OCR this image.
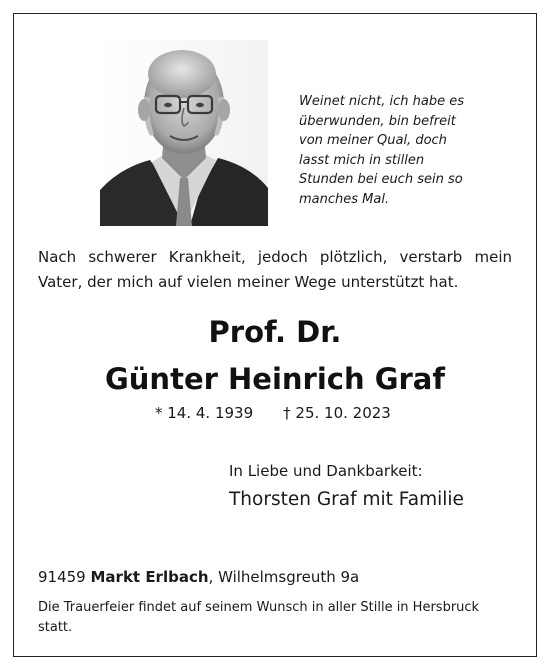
Weinet nicht, ich habe es
überwunden, bin befreit
von meiner Qual, doch
lasst mich in stillen
Stunden bei euch sein so
manches Mal.
Nach schwerer Krankheit, jedoch plötzlich, verstarb mein
Vater, der mich auf vielen meiner Wege unterstützt hat.
Prof. Dr.
Günter Heinrich Graf
* 14. 4. 1939 † 25. 10. 2023
In Liebe und Dankbarkeit:
Thorsten Graf mit Familie
91459 Markt Erlbach, Wilhelmsgreuth 9a
Die Trauerfeier findet auf seinem Wunsch in aller Stille in Hersbruck statt.
